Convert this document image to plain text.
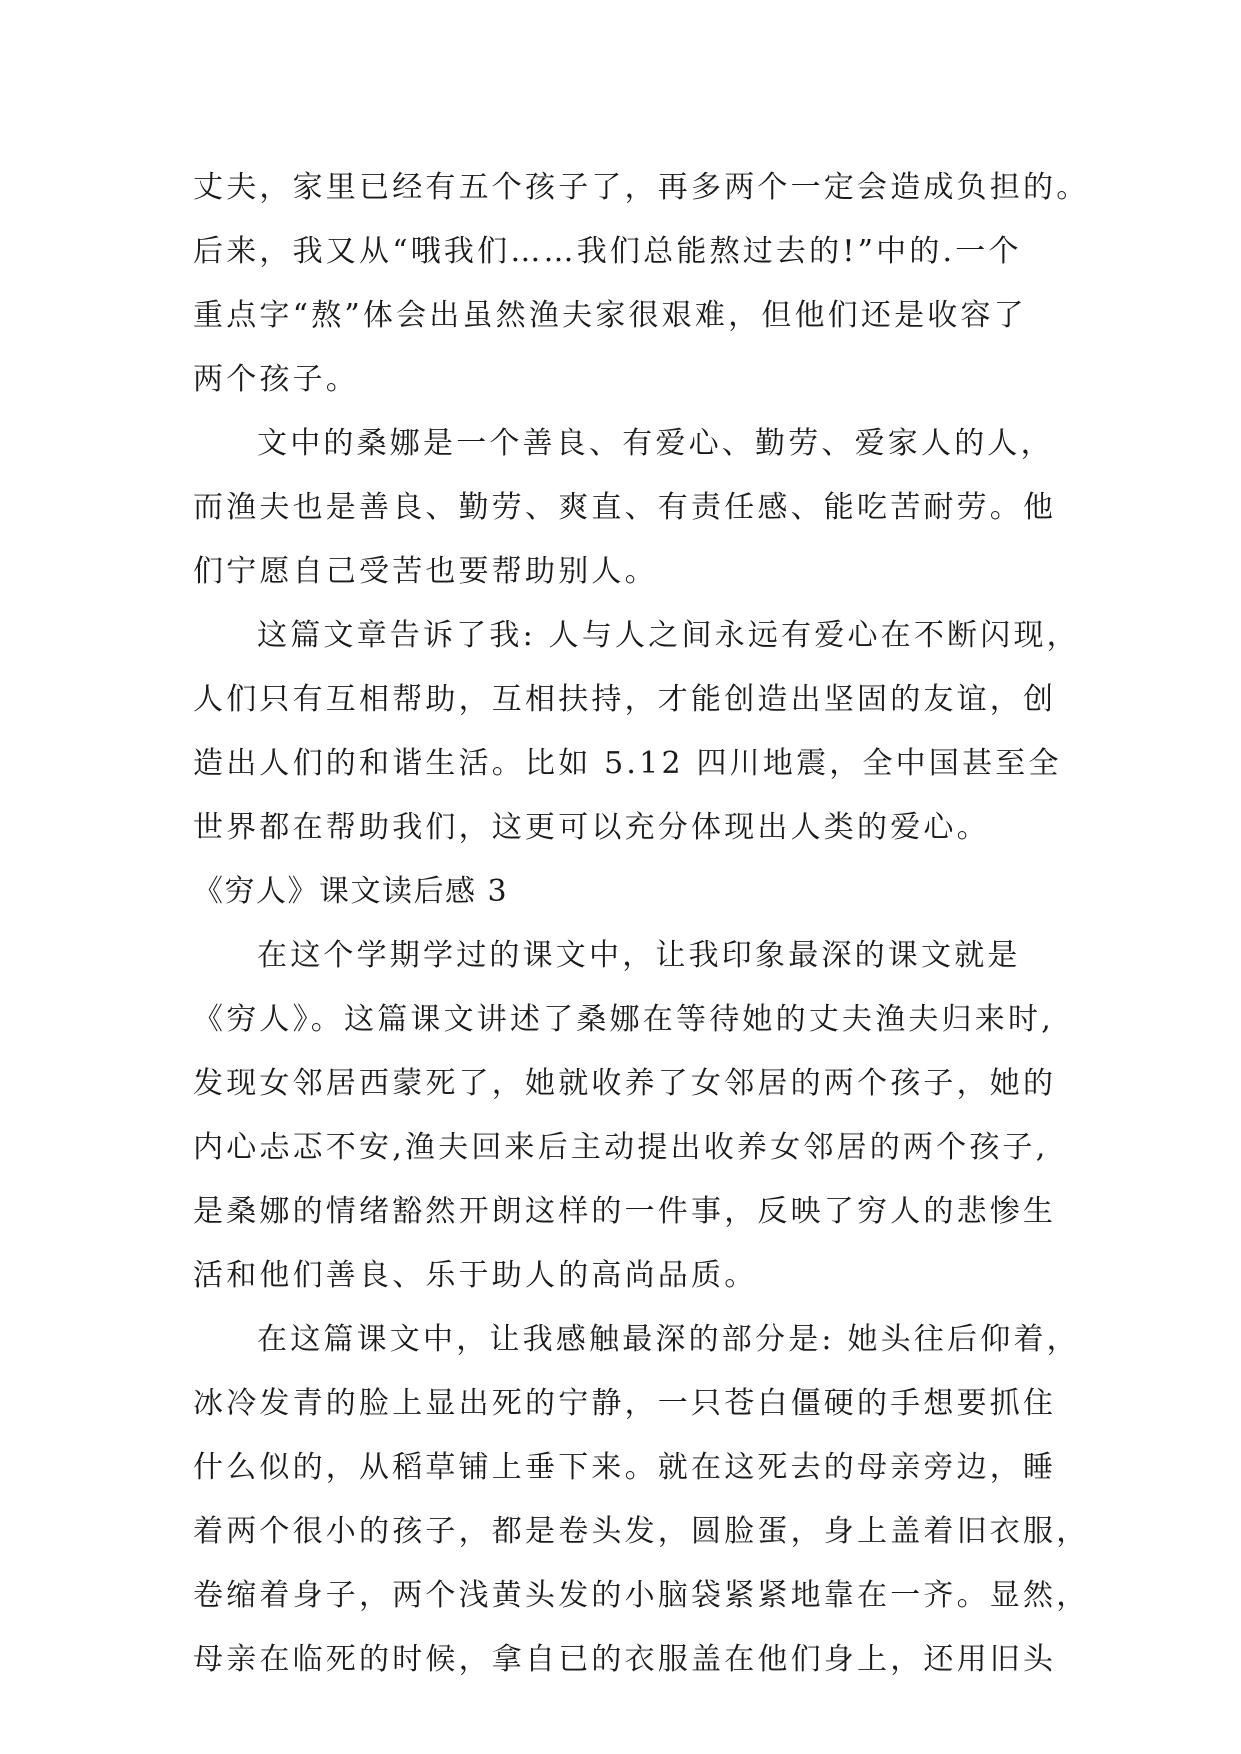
丈夫，家里已经有五个孩子了，再多两个一定会造成负担的。
后来，我又从“哦我们……我们总能熬过去的!”中的.一个
重点字“熬”体会出虽然渔夫家很艰难，但他们还是收容了
两个孩子。
文中的桑娜是一个善良、有爱心、勤劳、爱家人的人，
而渔夫也是善良、勤劳、爽直、有责任感、能吃苦耐劳。他
们宁愿自己受苦也要帮助别人。
这篇文章告诉了我: 人与人之间永远有爱心在不断闪现，
人们只有互相帮助，互相扶持，才能创造出坚固的友谊，创
造出人们的和谐生活。比如 5.12 四川地震，全中国甚至全
世界都在帮助我们，这更可以充分体现出人类的爱心。
《穷人》课文读后感 3
在这个学期学过的课文中，让我印象最深的课文就是
《穷人》。这篇课文讲述了桑娜在等待她的丈夫渔夫归来时,
发现女邻居西蒙死了，她就收养了女邻居的两个孩子，她的
内心忐忑不安,渔夫回来后主动提出收养女邻居的两个孩子,
是桑娜的情绪豁然开朗这样的一件事，反映了穷人的悲惨生
活和他们善良、乐于助人的高尚品质。
在这篇课文中，让我感触最深的部分是: 她头往后仰着，
冰冷发青的脸上显出死的宁静，一只苍白僵硬的手想要抓住
什么似的，从稻草铺上垂下来。就在这死去的母亲旁边，睡
着两个很小的孩子，都是卷头发，圆脸蛋，身上盖着旧衣服，
卷缩着身子，两个浅黄头发的小脑袋紧紧地靠在一齐。显然，
母亲在临死的时候，拿自已的衣服盖在他们身上，还用旧头
